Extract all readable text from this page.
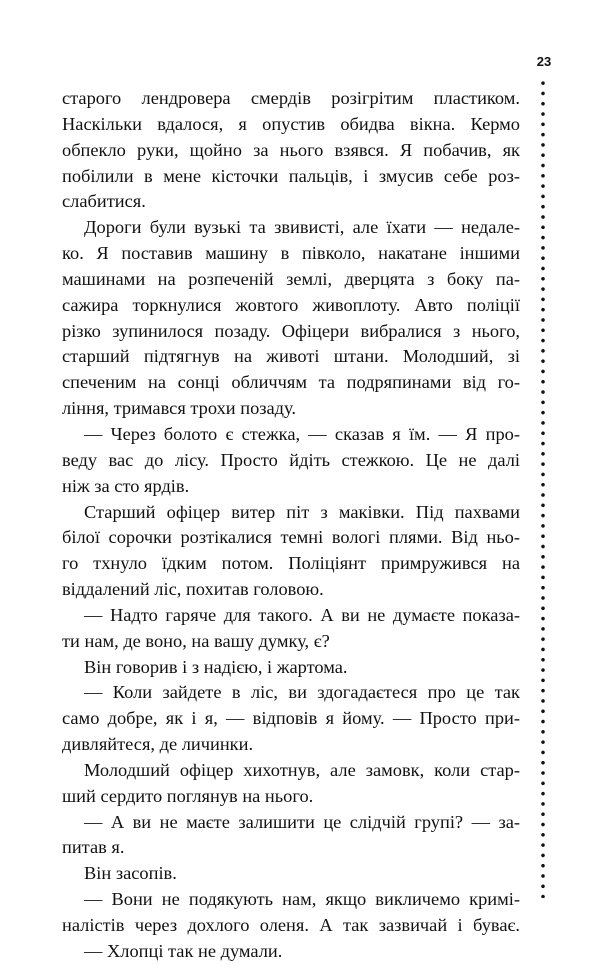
23
старого лендровера смердів розігрітим пластиком.
Наскільки вдалося, я опустив обидва вікна. Кермо
обпекло руки, щойно за нього взявся. Я побачив, як
побілили в мене кісточки пальців, і змусив себе роз-
слабитися.
Дороги були вузькі та звивисті, але їхати — недале-
ко. Я поставив машину в півколо, накатане іншими
машинами на розпеченій землі, дверцята з боку па-
сажира торкнулися жовтого живоплоту. Авто поліції
різко зупинилося позаду. Офіцери вибралися з нього,
старший підтягнув на животі штани. Молодший, зі
спеченим на сонці обличчям та подряпинами від го-
ління, тримався трохи позаду.
— Через болото є стежка, — сказав я їм. — Я про-
веду вас до лісу. Просто йдіть стежкою. Це не далі
ніж за сто ярдів.
Старший офіцер витер піт з маківки. Під пахвами
білої сорочки розтікалися темні вологі плями. Від ньо-
го тхнуло їдким потом. Поліціянт примружився на
віддалений ліс, похитав головою.
— Надто гаряче для такого. А ви не думаєте показа-
ти нам, де воно, на вашу думку, є?
Він говорив і з надією, і жартома.
— Коли зайдете в ліс, ви здогадаєтеся про це так
само добре, як і я, — відповів я йому. — Просто при-
дивляйтеся, де личинки.
Молодший офіцер хихотнув, але замовк, коли стар-
ший сердито поглянув на нього.
— А ви не маєте залишити це слідчій групі? — за-
питав я.
Він засопів.
— Вони не подякують нам, якщо викличемо кримі-
налістів через дохлого оленя. А так зазвичай і буває.
— Хлопці так не думали.
